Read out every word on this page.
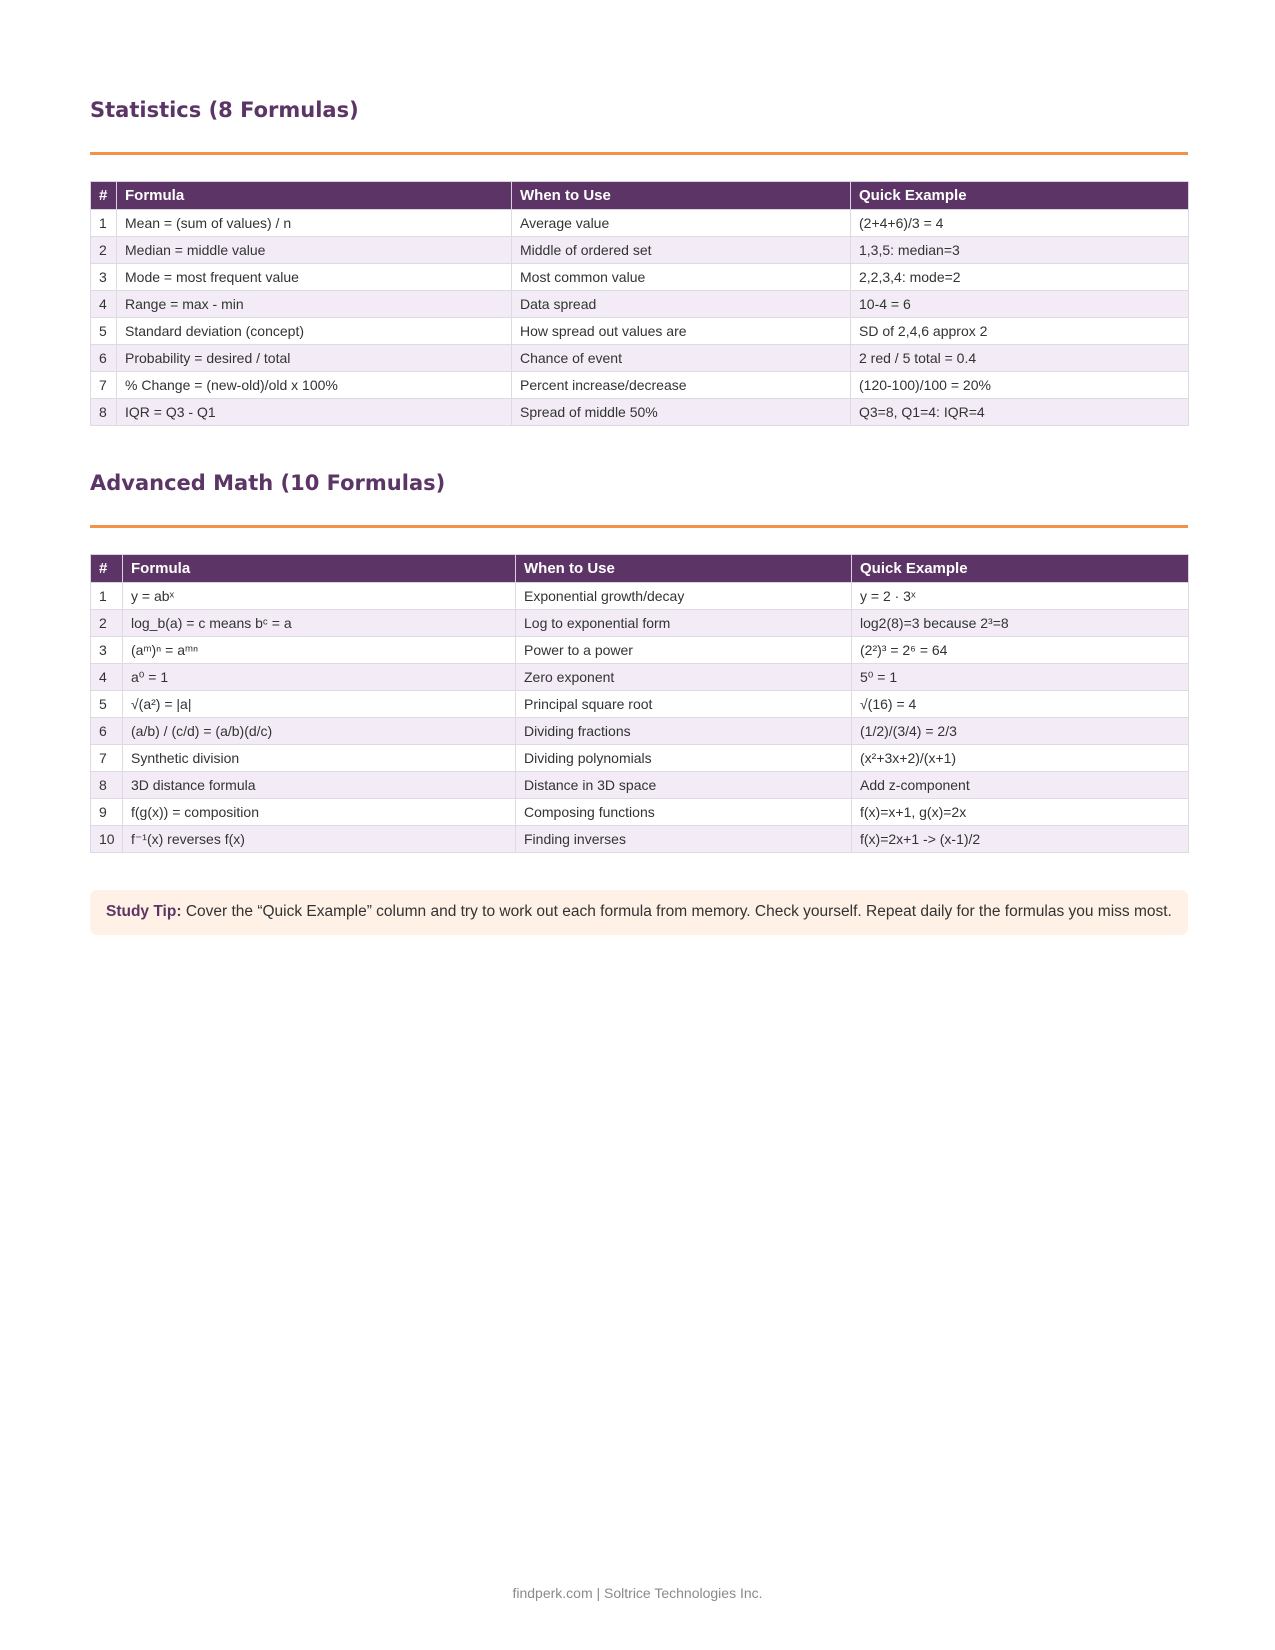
Statistics (8 Formulas)
#	Formula	When to Use	Quick Example
1	Mean = (sum of values) / n	Average value	(2+4+6)/3 = 4
2	Median = middle value	Middle of ordered set	1,3,5: median=3
3	Mode = most frequent value	Most common value	2,2,3,4: mode=2
4	Range = max - min	Data spread	10-4 = 6
5	Standard deviation (concept)	How spread out values are	SD of 2,4,6 approx 2
6	Probability = desired / total	Chance of event	2 red / 5 total = 0.4
7	% Change = (new-old)/old x 100%	Percent increase/decrease	(120-100)/100 = 20%
8	IQR = Q3 - Q1	Spread of middle 50%	Q3=8, Q1=4: IQR=4
Advanced Math (10 Formulas)
#	Formula	When to Use	Quick Example
1	y = abˣ	Exponential growth/decay	y = 2 · 3ˣ
2	log_b(a) = c means bᶜ = a	Log to exponential form	log2(8)=3 because 2³=8
3	(aᵐ)ⁿ = aᵐⁿ	Power to a power	(2²)³ = 2⁶ = 64
4	a⁰ = 1	Zero exponent	5⁰ = 1
5	√(a²) = |a|	Principal square root	√(16) = 4
6	(a/b) / (c/d) = (a/b)(d/c)	Dividing fractions	(1/2)/(3/4) = 2/3
7	Synthetic division	Dividing polynomials	(x²+3x+2)/(x+1)
8	3D distance formula	Distance in 3D space	Add z-component
9	f(g(x)) = composition	Composing functions	f(x)=x+1, g(x)=2x
10	f⁻¹(x) reverses f(x)	Finding inverses	f(x)=2x+1 -> (x-1)/2
Study Tip: Cover the “Quick Example” column and try to work out each formula from memory. Check yourself. Repeat daily for the formulas you miss most.
findperk.com | Soltrice Technologies Inc.
